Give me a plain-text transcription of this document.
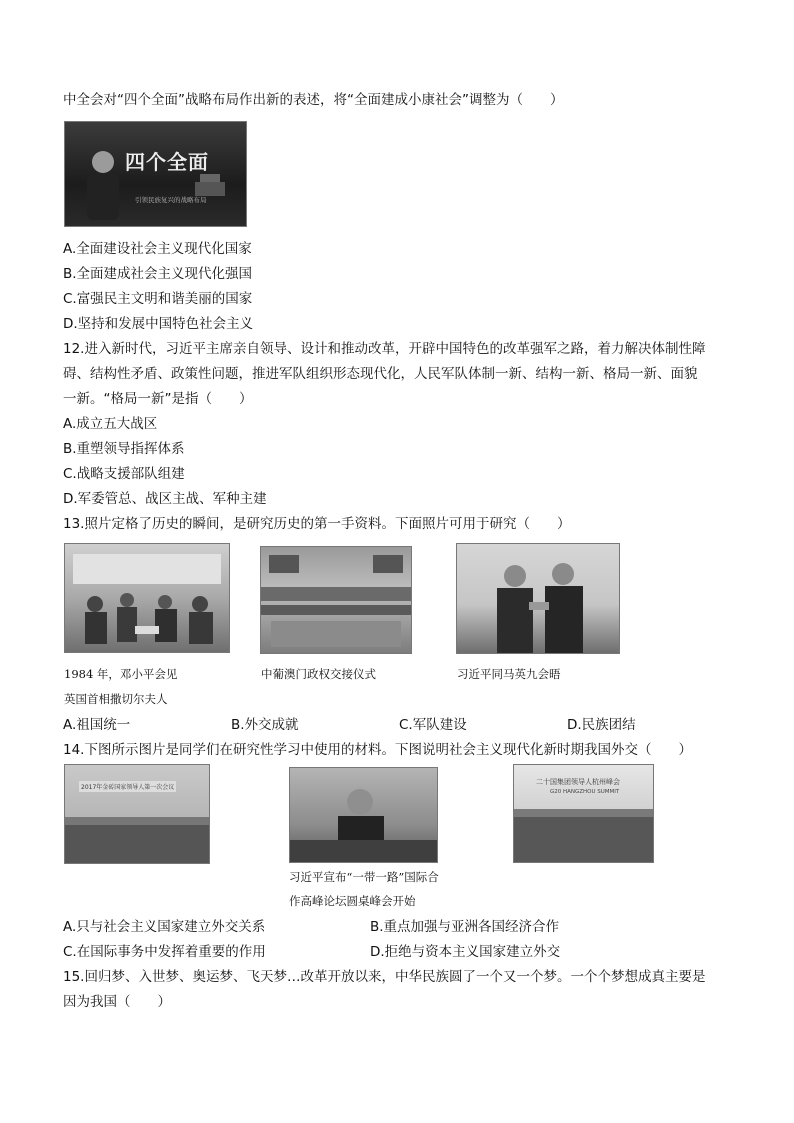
中全会对“四个全面”战略布局作出新的表述，将“全面建成小康社会”调整为（　　）
四个全面
引领民族复兴的战略布局
A.全面建设社会主义现代化国家
B.全面建成社会主义现代化强国
C.富强民主文明和谐美丽的国家
D.坚持和发展中国特色社会主义
12.进入新时代，习近平主席亲自领导、设计和推动改革，开辟中国特色的改革强军之路，着力解决体制性障
碍、结构性矛盾、政策性问题，推进军队组织形态现代化，人民军队体制一新、结构一新、格局一新、面貌
一新。“格局一新”是指（　　）
A.成立五大战区
B.重塑领导指挥体系
C.战略支援部队组建
D.军委管总、战区主战、军种主建
13.照片定格了历史的瞬间，是研究历史的第一手资料。下面照片可用于研究（　　）
1984 年，邓小平会见
英国首相撒切尔夫人
中葡澳门政权交接仪式	习近平同马英九会晤
A.祖国统一	B.外交成就	C.军队建设	D.民族团结
14.下图所示图片是同学们在研究性学习中使用的材料。下图说明社会主义现代化新时期我国外交（　　）
2017年金砖国家领导人第一次会议
二十国集团领导人杭州峰会
G20 HANGZHOU SUMMIT
习近平宣布“一带一路”国际合
作高峰论坛圆桌峰会开始
A.只与社会主义国家建立外交关系	B.重点加强与亚洲各国经济合作
C.在国际事务中发挥着重要的作用	D.拒绝与资本主义国家建立外交
15.回归梦、入世梦、奥运梦、飞天梦…改革开放以来，中华民族圆了一个又一个梦。一个个梦想成真主要是
因为我国（　　）
